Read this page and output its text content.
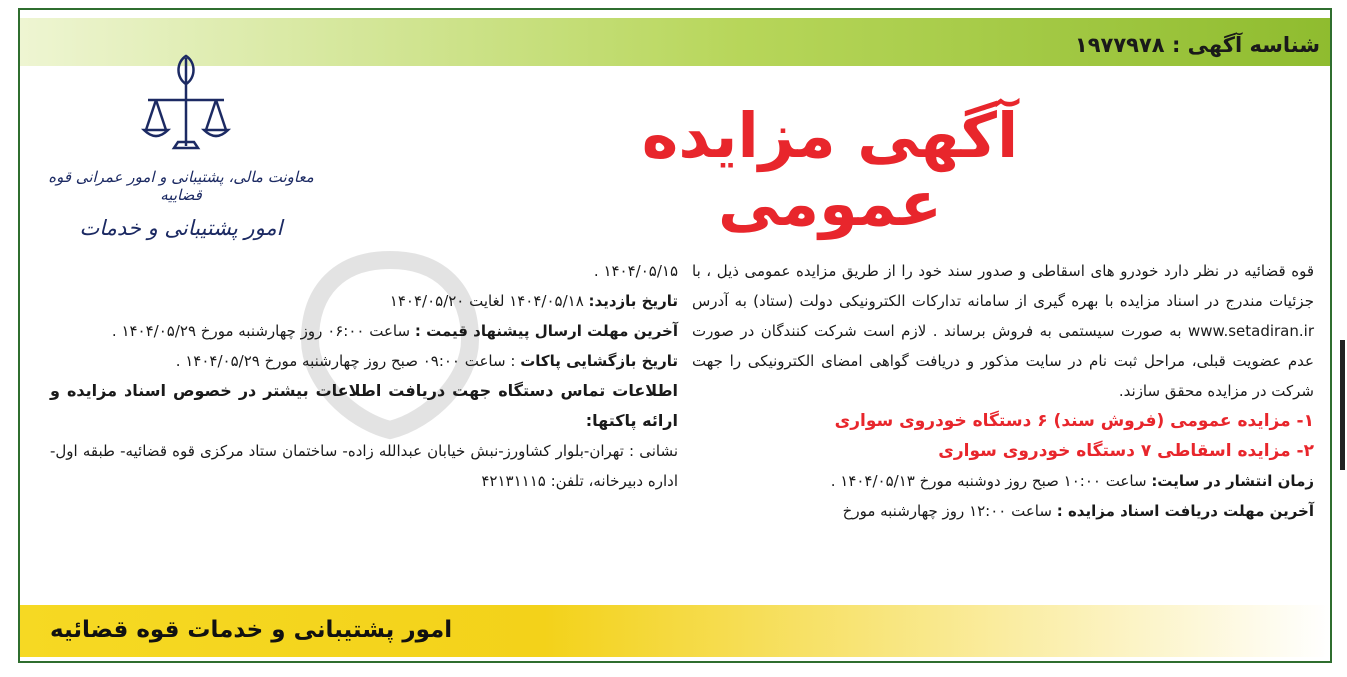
شناسه آگهی : ۱۹۷۷۹۷۸
معاونت مالی، پشتیبانی و امور عمرانی قوه قضاییه
امور پشتیبانی و خدمات
آگهی مزایده عمومی

قوه قضائیه در نظر دارد خودرو های اسقاطی و صدور سند خود را از طریق مزایده عمومی ذیل ، با جزئیات مندرج در اسناد مزایده با بهره گیری از سامانه تدارکات الکترونیکی دولت (ستاد) به آدرس www.setadiran.ir به صورت سیستمی به فروش برساند . لازم است شرکت کنندگان در صورت عدم عضویت قبلی، مراحل ثبت نام در سایت مذکور و دریافت گواهی امضای الکترونیکی را جهت شرکت در مزایده محقق سازند.

۱- مزایده عمومی (فروش سند) ۶ دستگاه خودروی سواری

۲- مزایده اسقاطی ۷ دستگاه خودروی سواری

زمان انتشار در سایت: ساعت ۱۰:۰۰ صبح روز دوشنبه مورخ ۱۴۰۴/۰۵/۱۳ .

آخرین مهلت دریافت اسناد مزایده : ساعت ۱۲:۰۰ روز چهارشنبه مورخ

۱۴۰۴/۰۵/۱۵ .

تاریخ بازدید: ۱۴۰۴/۰۵/۱۸ لغایت ۱۴۰۴/۰۵/۲۰

آخرین مهلت ارسال پیشنهاد قیمت : ساعت ۰۶:۰۰ روز چهارشنبه مورخ ۱۴۰۴/۰۵/۲۹ .

تاریخ بازگشایی پاکات : ساعت ۰۹:۰۰ صبح روز چهارشنبه مورخ ۱۴۰۴/۰۵/۲۹ .

اطلاعات تماس دستگاه جهت دریافت اطلاعات بیشتر در خصوص اسناد مزایده و ارائه پاکتها:

نشانی : تهران-بلوار کشاورز-نبش خیابان عبدالله زاده- ساختمان ستاد مرکزی قوه قضائیه- طبقه اول- اداره دبیرخانه، تلفن: ۴۲۱۳۱۱۱۵

امور پشتیبانی و خدمات قوه قضائیه
